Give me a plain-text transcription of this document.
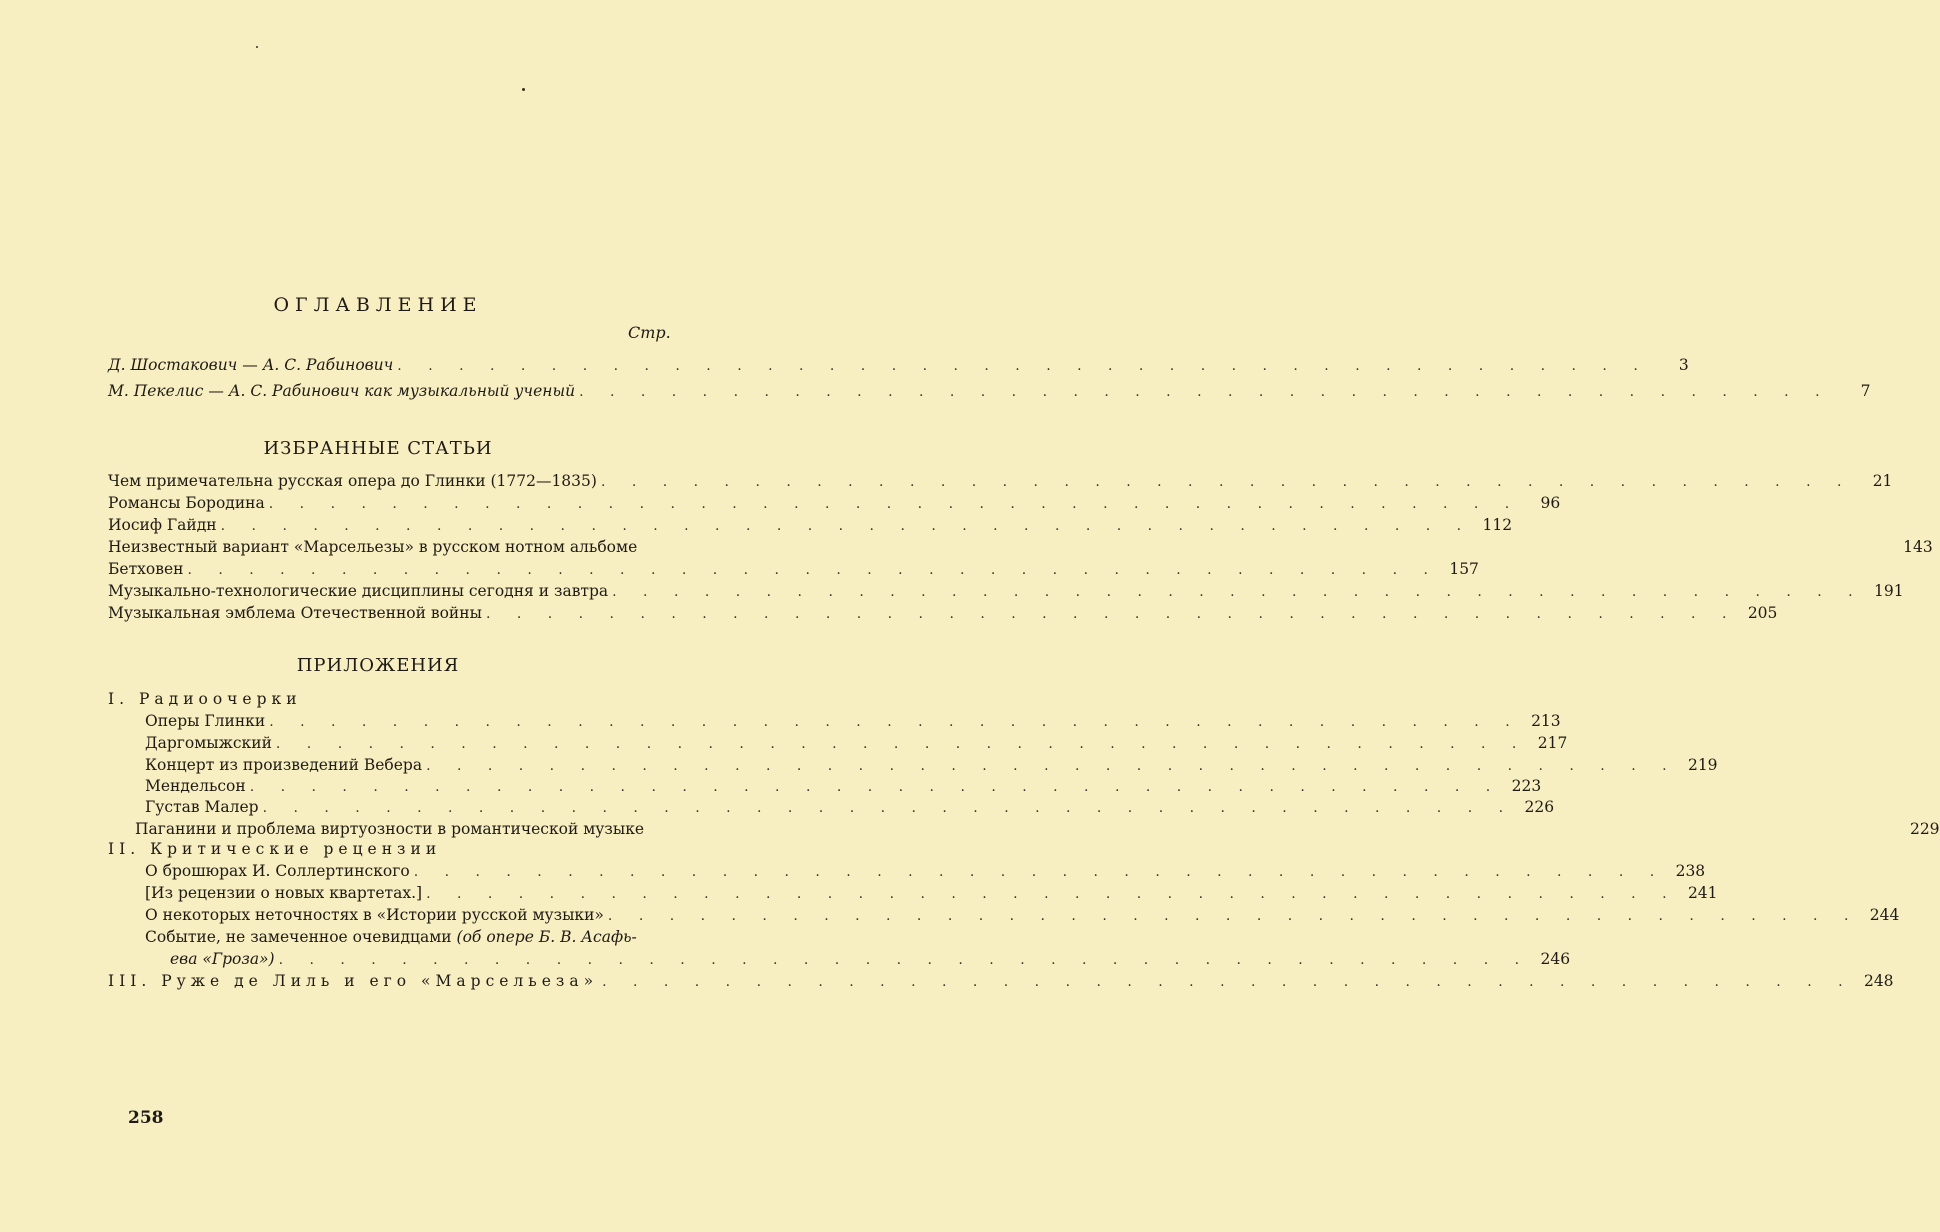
ОГЛАВЛЕНИЕ
Стр.
Д. Шостакович — А. С. Рабинович . . .	3
М. Пекелис — А. С. Рабинович как музыкальный ученый . . .	7
ИЗБРАННЫЕ СТАТЬИ
Чем примечательна русская опера до Глинки (1772—1835) . . .	21
Романсы Бородина . . .	96
Иосиф Гайдн . . .	112
Неизвестный вариант «Марсельезы» в русском нотном альбоме	143
Бетховен . . .	157
Музыкально-технологические дисциплины сегодня и завтра . . .	191
Музыкальная эмблема Отечественной войны . . .	205
ПРИЛОЖЕНИЯ
I. Радиоочерки
Оперы Глинки . . .	213
Даргомыжский . . .	217
Концерт из произведений Вебера . . .	219
Мендельсон . . .	223
Густав Малер . . .	226
Паганини и проблема виртуозности в романтической музыке	229
II. Критические рецензии
О брошюрах И. Соллертинского . . .	238
[Из рецензии о новых квартетах.] . . .	241
О некоторых неточностях в «Истории русской музыки» . . .	244
Событие, не замеченное очевидцами (об опере Б. В. Асафь-
ева «Гроза») . . .	246
III. Руже де Лиль и его «Марсельеза» . . .	248
258
